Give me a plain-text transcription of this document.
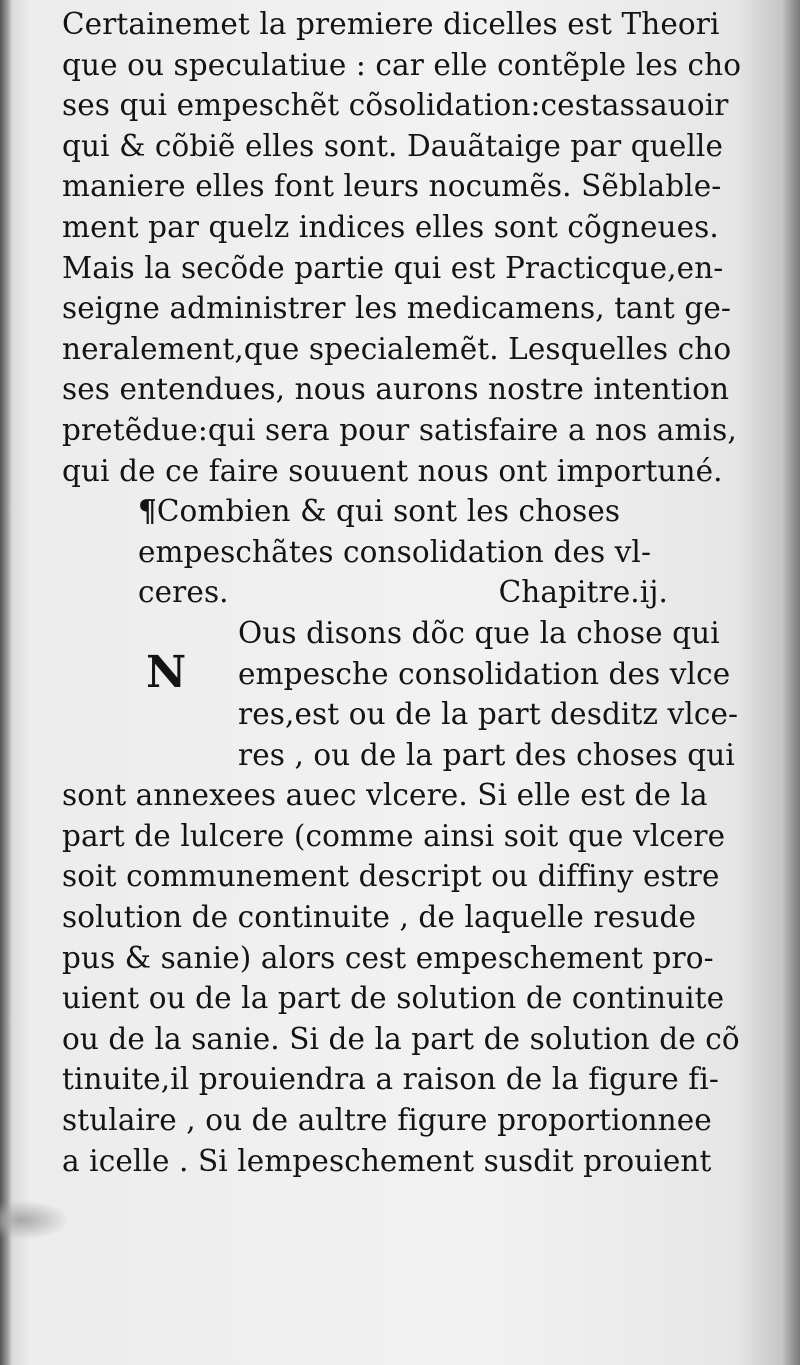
Certainemet la premiere dicelles est Theori
que ou speculatiue : car elle contẽple les cho
ses qui empeschẽt cõsolidation:cestassauoir
qui & cõbiẽ elles sont. Dauãtaige par quelle
maniere elles font leurs nocumẽs. Sẽblable-
ment par quelz indices elles sont cõgneues.
Mais la secõde partie qui est Practicque,en-
seigne administrer les medicamens, tant ge-
neralement,que specialemẽt. Lesquelles cho
ses entendues, nous aurons nostre intention
pretẽdue:qui sera pour satisfaire a nos amis,
qui de ce faire souuent nous ont importuné.
¶Combien & qui sont les choses
empeschãtes consolidation des vl-
ceres.	Chapitre.ij.
N
Ous disons dõc que la chose qui
empesche consolidation des vlce
res,est ou de la part desditz vlce-
res , ou de la part des choses qui
sont annexees auec vlcere. Si elle est de la
part de lulcere (comme ainsi soit que vlcere
soit communement descript ou diffiny estre
solution de continuite , de laquelle resude
pus & sanie) alors cest empeschement pro-
uient ou de la part de solution de continuite
ou de la sanie. Si de la part de solution de cõ
tinuite,il prouiendra a raison de la figure fi-
stulaire , ou de aultre figure proportionnee
a icelle . Si lempeschement susdit prouient
